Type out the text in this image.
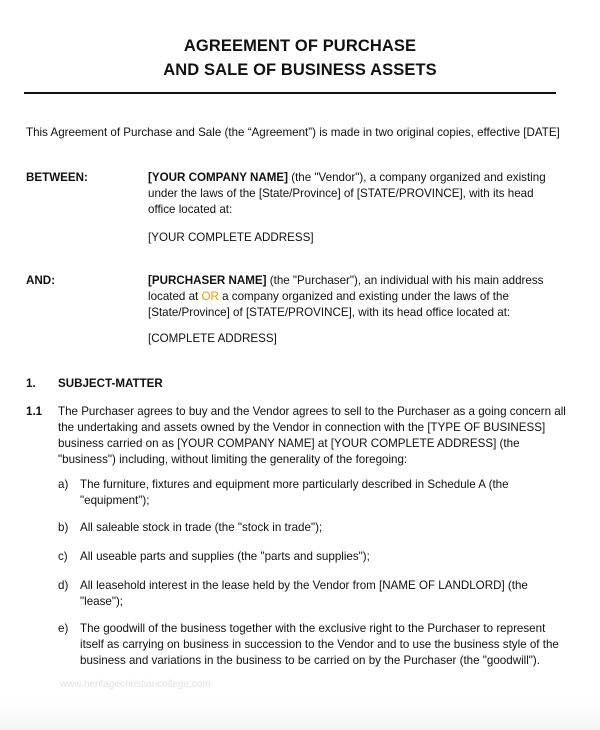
AGREEMENT OF PURCHASE
AND SALE OF BUSINESS ASSETS
This Agreement of Purchase and Sale (the “Agreement”) is made in two original copies, effective [DATE]
BETWEEN:	[YOUR COMPANY NAME] (the "Vendor"), a company organized and existing
under the laws of the [State/Province] of [STATE/PROVINCE], with its head
office located at:
[YOUR COMPLETE ADDRESS]
AND:	[PURCHASER NAME] (the "Purchaser"), an individual with his main address
located at OR a company organized and existing under the laws of the
[State/Province] of [STATE/PROVINCE], with its head office located at:
[COMPLETE ADDRESS]
1. SUBJECT-MATTER
1.1 The Purchaser agrees to buy and the Vendor agrees to sell to the Purchaser as a going concern all
the undertaking and assets owned by the Vendor in connection with the [TYPE OF BUSINESS]
business carried on as [YOUR COMPANY NAME] at [YOUR COMPLETE ADDRESS] (the
"business") including, without limiting the generality of the foregoing:
a) The furniture, fixtures and equipment more particularly described in Schedule A (the
"equipment");
b) All saleable stock in trade (the "stock in trade");
c) All useable parts and supplies (the "parts and supplies");
d) All leasehold interest in the lease held by the Vendor from [NAME OF LANDLORD] (the
"lease");
e) The goodwill of the business together with the exclusive right to the Purchaser to represent
itself as carrying on business in succession to the Vendor and to use the business style of the
business and variations in the business to be carried on by the Purchaser (the "goodwill").
www.heritagechristiancollege.com
